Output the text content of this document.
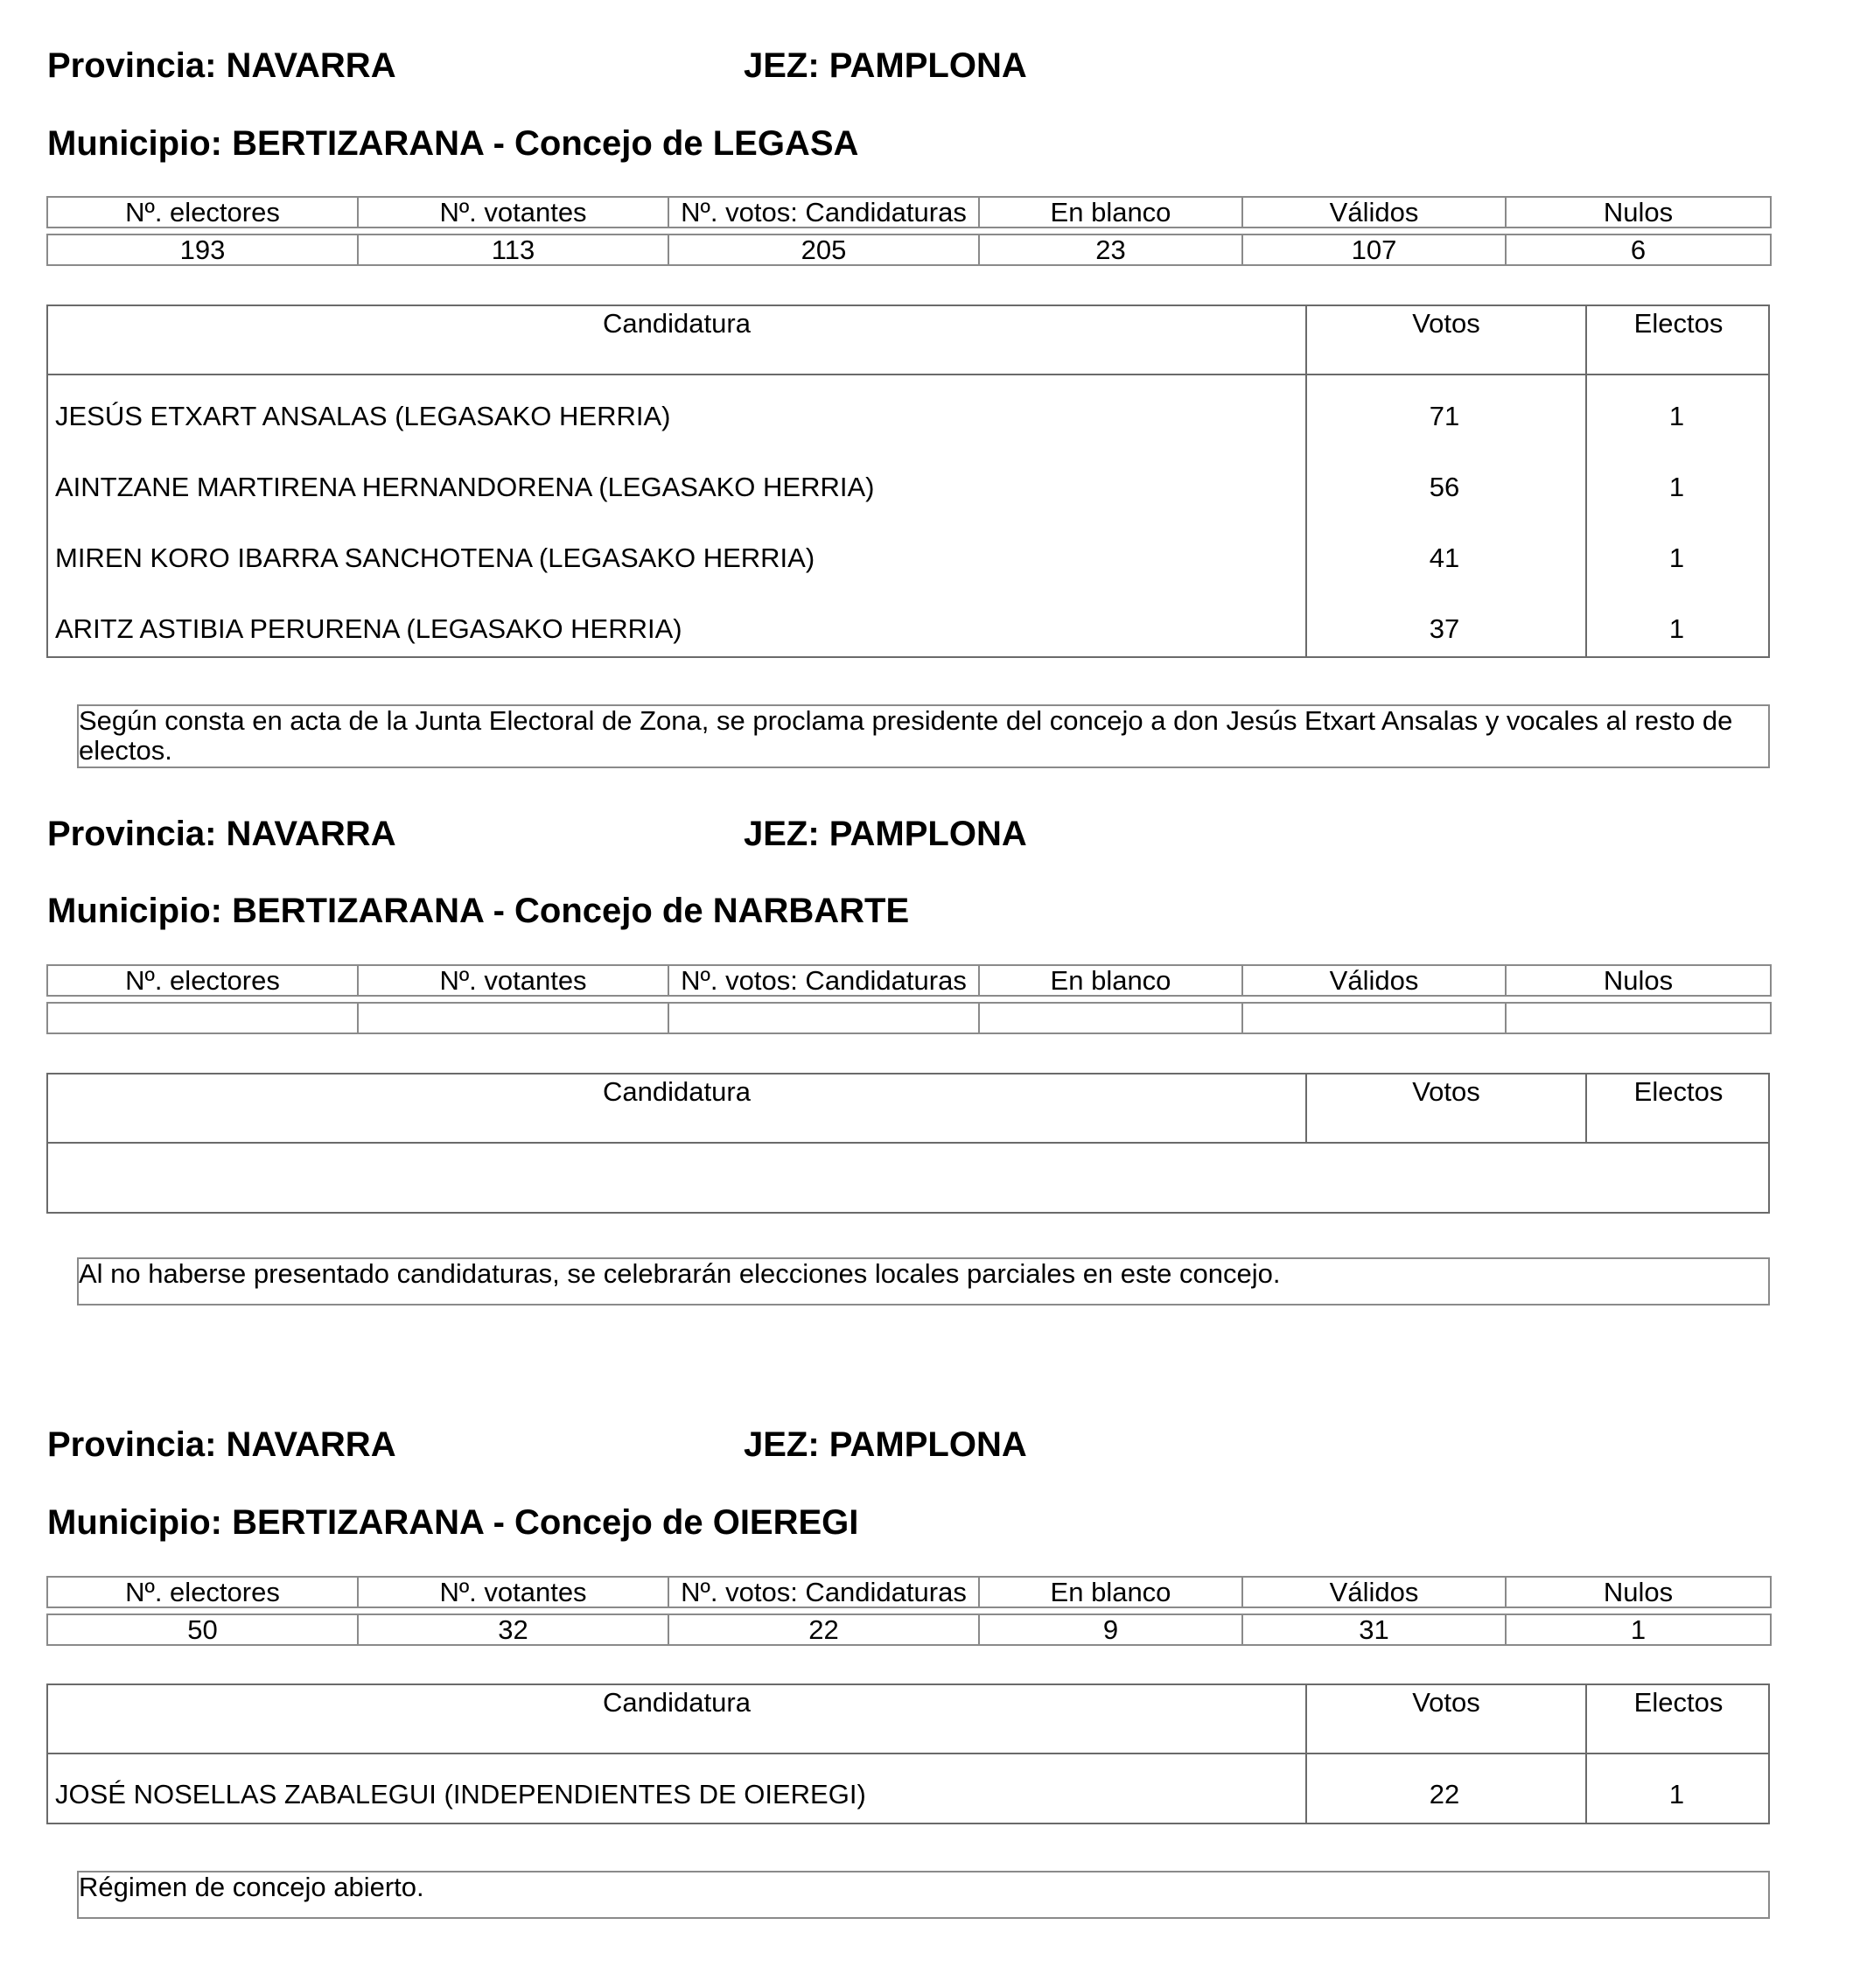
Provincia: NAVARRA	JEZ: PAMPLONA
Municipio: BERTIZARANA - Concejo de LEGASA
Nº. electores	Nº. votantes	Nº. votos: Candidaturas	En blanco	Válidos	Nulos

193	113	205	23	107	6
Candidatura	Votos	Electos
JESÚS ETXART ANSALAS (LEGASAKO HERRIA)	71	1
AINTZANE MARTIRENA HERNANDORENA (LEGASAKO HERRIA)	56	1
MIREN KORO IBARRA SANCHOTENA (LEGASAKO HERRIA)	41	1
ARITZ ASTIBIA PERURENA (LEGASAKO HERRIA)	37	1
Según consta en acta de la Junta Electoral de Zona, se proclama presidente del concejo a don Jesús Etxart Ansalas y vocales al resto de electos.
Provincia: NAVARRA	JEZ: PAMPLONA
Municipio: BERTIZARANA - Concejo de NARBARTE
Nº. electores	Nº. votantes	Nº. votos: Candidaturas	En blanco	Válidos	Nulos

Candidatura	Votos	Electos
Al no haberse presentado candidaturas, se celebrarán elecciones locales parciales en este concejo.
Provincia: NAVARRA	JEZ: PAMPLONA
Municipio: BERTIZARANA - Concejo de OIEREGI
Nº. electores	Nº. votantes	Nº. votos: Candidaturas	En blanco	Válidos	Nulos

50	32	22	9	31	1
Candidatura	Votos	Electos
JOSÉ NOSELLAS ZABALEGUI (INDEPENDIENTES DE OIEREGI)	22	1
Régimen de concejo abierto.
